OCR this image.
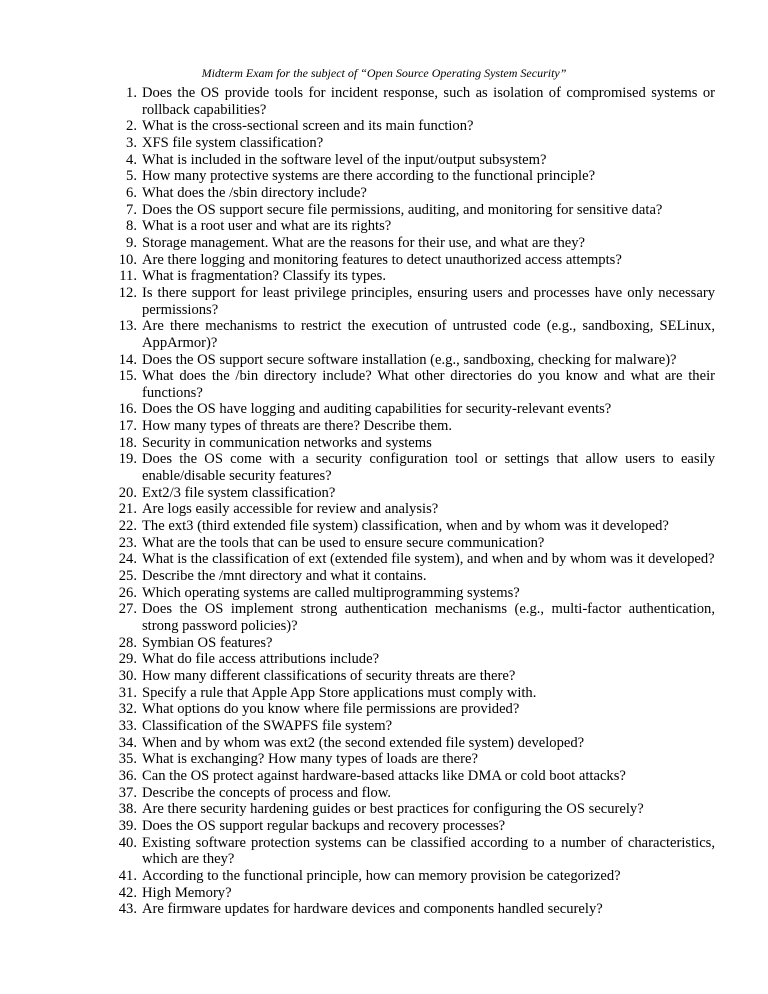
Midterm Exam for the subject of “Open Source Operating System Security”
1. Does the OS provide tools for incident response, such as isolation of compromised systems or rollback capabilities?
2. What is the cross-sectional screen and its main function?
3. XFS file system classification?
4. What is included in the software level of the input/output subsystem?
5. How many protective systems are there according to the functional principle?
6. What does the /sbin directory include?
7. Does the OS support secure file permissions, auditing, and monitoring for sensitive data?
8. What is a root user and what are its rights?
9. Storage management. What are the reasons for their use, and what are they?
10. Are there logging and monitoring features to detect unauthorized access attempts?
11. What is fragmentation? Classify its types.
12. Is there support for least privilege principles, ensuring users and processes have only necessary permissions?
13. Are there mechanisms to restrict the execution of untrusted code (e.g., sandboxing, SELinux, AppArmor)?
14. Does the OS support secure software installation (e.g., sandboxing, checking for malware)?
15. What does the /bin directory include? What other directories do you know and what are their functions?
16. Does the OS have logging and auditing capabilities for security-relevant events?
17. How many types of threats are there? Describe them.
18. Security in communication networks and systems
19. Does the OS come with a security configuration tool or settings that allow users to easily enable/disable security features?
20. Ext2/3 file system classification?
21. Are logs easily accessible for review and analysis?
22. The ext3 (third extended file system) classification, when and by whom was it developed?
23. What are the tools that can be used to ensure secure communication?
24. What is the classification of ext (extended file system), and when and by whom was it developed?
25. Describe the /mnt directory and what it contains.
26. Which operating systems are called multiprogramming systems?
27. Does the OS implement strong authentication mechanisms (e.g., multi-factor authentication, strong password policies)?
28. Symbian OS features?
29. What do file access attributions include?
30. How many different classifications of security threats are there?
31. Specify a rule that Apple App Store applications must comply with.
32. What options do you know where file permissions are provided?
33. Classification of the SWAPFS file system?
34. When and by whom was ext2 (the second extended file system) developed?
35. What is exchanging? How many types of loads are there?
36. Can the OS protect against hardware-based attacks like DMA or cold boot attacks?
37. Describe the concepts of process and flow.
38. Are there security hardening guides or best practices for configuring the OS securely?
39. Does the OS support regular backups and recovery processes?
40. Existing software protection systems can be classified according to a number of characteristics, which are they?
41. According to the functional principle, how can memory provision be categorized?
42. High Memory?
43. Are firmware updates for hardware devices and components handled securely?
